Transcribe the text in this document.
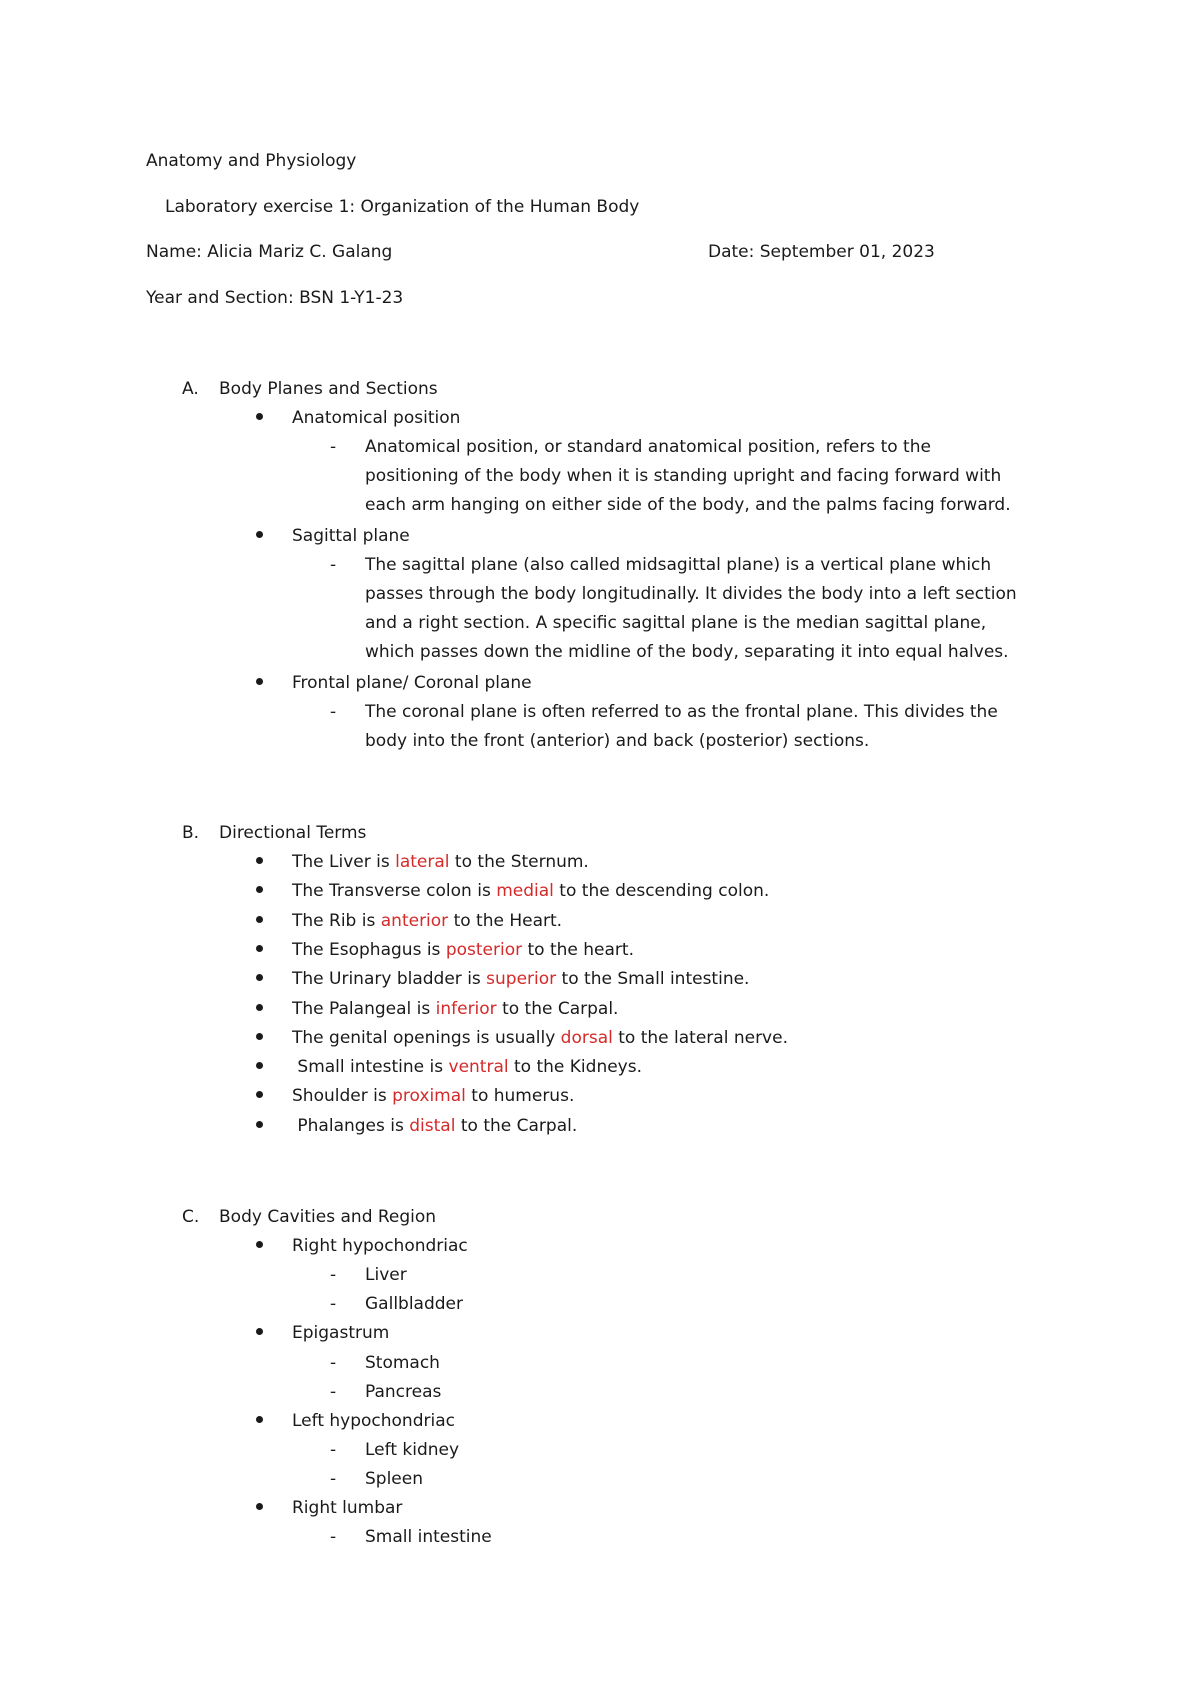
Anatomy and Physiology
Laboratory exercise 1: Organization of the Human Body
Name: Alicia Mariz C. Galang	Date: September 01, 2023
Year and Section: BSN 1-Y1-23
A. Body Planes and Sections
Anatomical position
- Anatomical position, or standard anatomical position, refers to the
positioning of the body when it is standing upright and facing forward with
each arm hanging on either side of the body, and the palms facing forward.
Sagittal plane
- The sagittal plane (also called midsagittal plane) is a vertical plane which
passes through the body longitudinally. It divides the body into a left section
and a right section. A specific sagittal plane is the median sagittal plane,
which passes down the midline of the body, separating it into equal halves.
Frontal plane/ Coronal plane
- The coronal plane is often referred to as the frontal plane. This divides the
body into the front (anterior) and back (posterior) sections.
B. Directional Terms
The Liver is lateral to the Sternum.
The Transverse colon is medial to the descending colon.
The Rib is anterior to the Heart.
The Esophagus is posterior to the heart.
The Urinary bladder is superior to the Small intestine.
The Palangeal is inferior to the Carpal.
The genital openings is usually dorsal to the lateral nerve.
Small intestine is ventral to the Kidneys.
Shoulder is proximal to humerus.
Phalanges is distal to the Carpal.
C. Body Cavities and Region
Right hypochondriac
- Liver
- Gallbladder
Epigastrum
- Stomach
- Pancreas
Left hypochondriac
- Left kidney
- Spleen
Right lumbar
- Small intestine
